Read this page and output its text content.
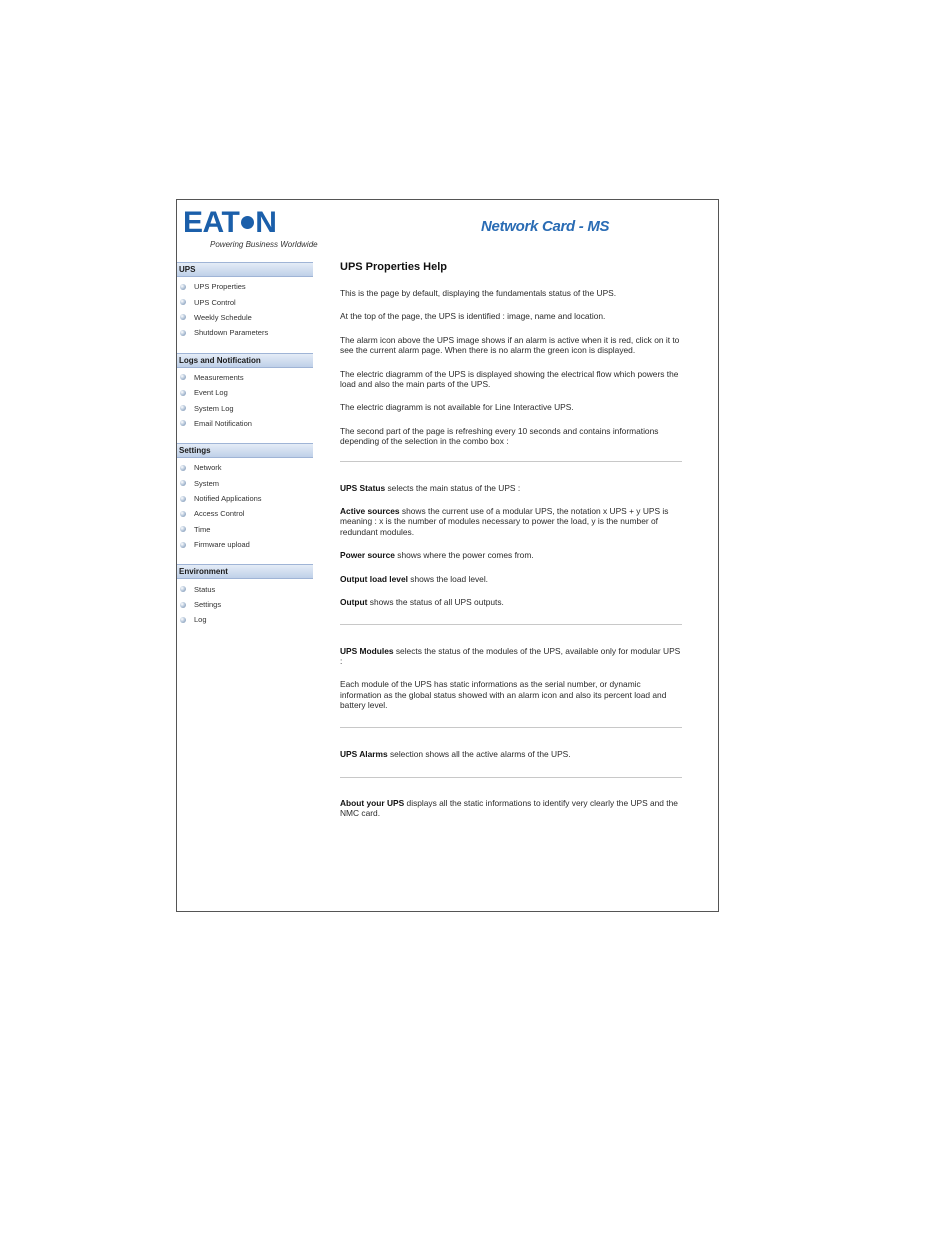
EAT N
Powering Business Worldwide
Network Card - MS
UPS
UPS Properties
UPS Control
Weekly Schedule
Shutdown Parameters
Logs and Notification
Measurements
Event Log
System Log
Email Notification
Settings
Network
System
Notified Applications
Access Control
Time
Firmware upload
Environment
Status
Settings
Log
UPS Properties Help

This is the page by default, displaying the fundamentals status of the UPS.

At the top of the page, the UPS is identified : image, name and location.

The alarm icon above the UPS image shows if an alarm is active when it is red, click on it to see the current alarm page. When there is no alarm the green icon is displayed.

The electric diagramm of the UPS is displayed showing the electrical flow which powers the load and also the main parts of the UPS.

The electric diagramm is not available for Line Interactive UPS.

The second part of the page is refreshing every 10 seconds and contains informations depending of the selection in the combo box :

UPS Status selects the main status of the UPS :

Active sources shows the current use of a modular UPS, the notation x UPS + y UPS is meaning : x is the number of modules necessary to power the load, y is the number of redundant modules.

Power source shows where the power comes from.

Output load level shows the load level.

Output shows the status of all UPS outputs.

UPS Modules selects the status of the modules of the UPS, available only for modular UPS :

Each module of the UPS has static informations as the serial number, or dynamic information as the global status showed with an alarm icon and also its percent load and battery level.

UPS Alarms selection shows all the active alarms of the UPS.

About your UPS displays all the static informations to identify very clearly the UPS and the NMC card.
